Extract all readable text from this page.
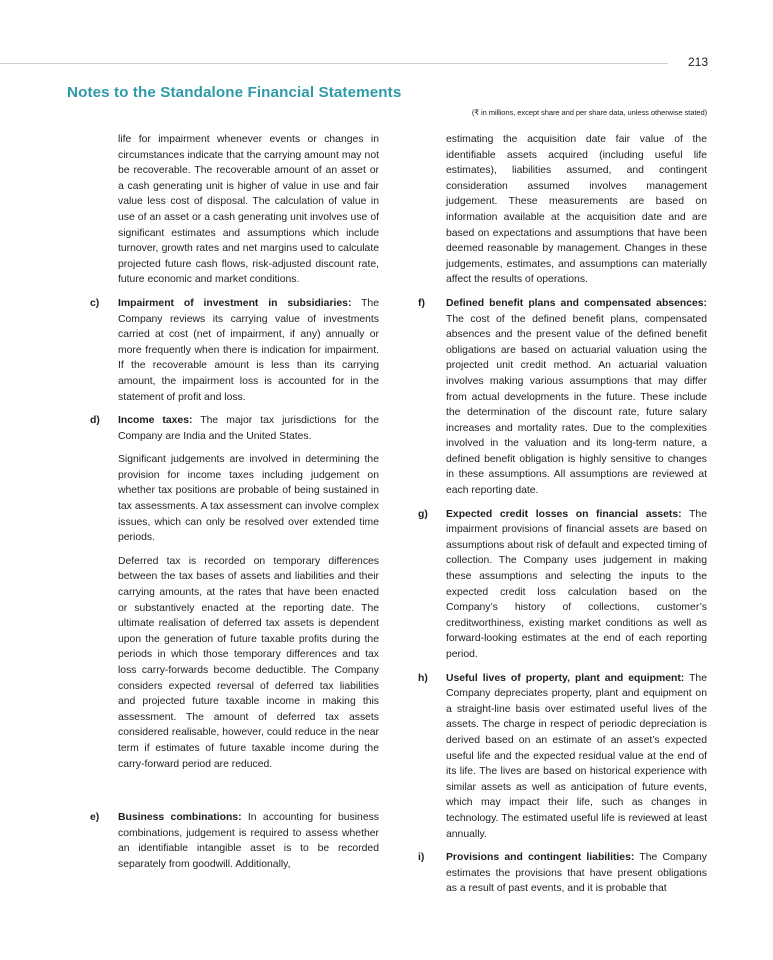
213
Notes to the Standalone Financial Statements
(₹ in millions, except share and per share data, unless otherwise stated)

life for impairment whenever events or changes in circumstances indicate that the carrying amount may not be recoverable. The recoverable amount of an asset or a cash generating unit is higher of value in use and fair value less cost of disposal. The calculation of value in use of an asset or a cash generating unit involves use of significant estimates and assumptions which include turnover, growth rates and net margins used to calculate projected future cash flows, risk-adjusted discount rate, future economic and market conditions.

c)	Impairment of investment in subsidiaries: The Company reviews its carrying value of investments carried at cost (net of impairment, if any) annually or more frequently when there is indication for impairment. If the recoverable amount is less than its carrying amount, the impairment loss is accounted for in the statement of profit and loss.

d)	Income taxes: The major tax jurisdictions for the Company are India and the United States.

Significant judgements are involved in determining the provision for income taxes including judgement on whether tax positions are probable of being sustained in tax assessments. A tax assessment can involve complex issues, which can only be resolved over extended time periods.

Deferred tax is recorded on temporary differences between the tax bases of assets and liabilities and their carrying amounts, at the rates that have been enacted or substantively enacted at the reporting date. The ultimate realisation of deferred tax assets is dependent upon the generation of future taxable profits during the periods in which those temporary differences and tax loss carry-forwards become deductible. The Company considers expected reversal of deferred tax liabilities and projected future taxable income in making this assessment. The amount of deferred tax assets considered realisable, however, could reduce in the near term if estimates of future taxable income during the carry-forward period are reduced.

e)	Business combinations: In accounting for business combinations, judgement is required to assess whether an identifiable intangible asset is to be recorded separately from goodwill. Additionally,

estimating the acquisition date fair value of the identifiable assets acquired (including useful life estimates), liabilities assumed, and contingent consideration assumed involves management judgement. These measurements are based on information available at the acquisition date and are based on expectations and assumptions that have been deemed reasonable by management. Changes in these judgements, estimates, and assumptions can materially affect the results of operations.

f)	Defined benefit plans and compensated absences: The cost of the defined benefit plans, compensated absences and the present value of the defined benefit obligations are based on actuarial valuation using the projected unit credit method. An actuarial valuation involves making various assumptions that may differ from actual developments in the future. These include the determination of the discount rate, future salary increases and mortality rates. Due to the complexities involved in the valuation and its long-term nature, a defined benefit obligation is highly sensitive to changes in these assumptions. All assumptions are reviewed at each reporting date.

g)	Expected credit losses on financial assets: The impairment provisions of financial assets are based on assumptions about risk of default and expected timing of collection. The Company uses judgement in making these assumptions and selecting the inputs to the expected credit loss calculation based on the Company’s history of collections, customer’s creditworthiness, existing market conditions as well as forward-looking estimates at the end of each reporting period.

h)	Useful lives of property, plant and equipment: The Company depreciates property, plant and equipment on a straight-line basis over estimated useful lives of the assets. The charge in respect of periodic depreciation is derived based on an estimate of an asset’s expected useful life and the expected residual value at the end of its life. The lives are based on historical experience with similar assets as well as anticipation of future events, which may impact their life, such as changes in technology. The estimated useful life is reviewed at least annually.

i)	Provisions and contingent liabilities: The Company estimates the provisions that have present obligations as a result of past events, and it is probable that
